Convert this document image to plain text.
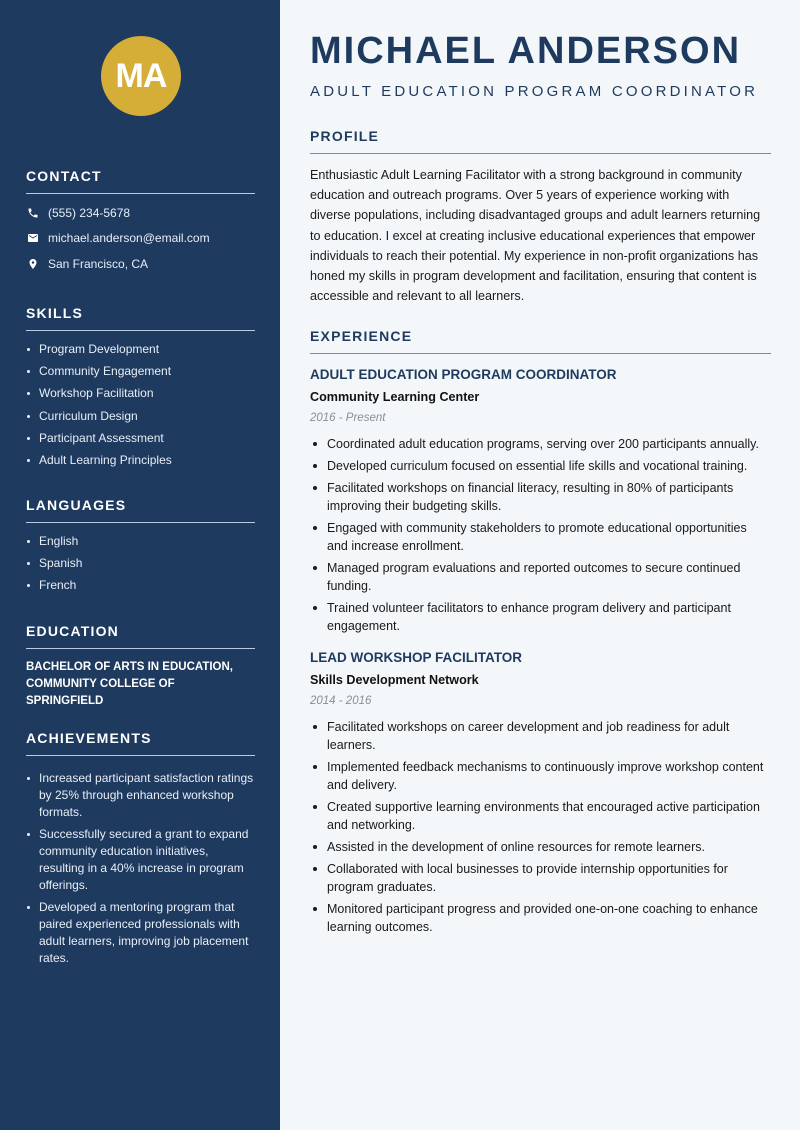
MA
CONTACT
(555) 234-5678
michael.anderson@email.com
San Francisco, CA
SKILLS
Program Development
Community Engagement
Workshop Facilitation
Curriculum Design
Participant Assessment
Adult Learning Principles
LANGUAGES
English
Spanish
French
EDUCATION
BACHELOR OF ARTS IN EDUCATION, COMMUNITY COLLEGE OF SPRINGFIELD
ACHIEVEMENTS
Increased participant satisfaction ratings by 25% through enhanced workshop formats.
Successfully secured a grant to expand community education initiatives, resulting in a 40% increase in program offerings.
Developed a mentoring program that paired experienced professionals with adult learners, improving job placement rates.
MICHAEL ANDERSON
ADULT EDUCATION PROGRAM COORDINATOR
PROFILE

Enthusiastic Adult Learning Facilitator with a strong background in community education and outreach programs. Over 5 years of experience working with diverse populations, including disadvantaged groups and adult learners returning to education. I excel at creating inclusive educational experiences that empower individuals to reach their potential. My experience in non-profit organizations has honed my skills in program development and facilitation, ensuring that content is accessible and relevant to all learners.

EXPERIENCE
ADULT EDUCATION PROGRAM COORDINATOR
Community Learning Center
2016 - Present
Coordinated adult education programs, serving over 200 participants annually.
Developed curriculum focused on essential life skills and vocational training.
Facilitated workshops on financial literacy, resulting in 80% of participants improving their budgeting skills.
Engaged with community stakeholders to promote educational opportunities and increase enrollment.
Managed program evaluations and reported outcomes to secure continued funding.
Trained volunteer facilitators to enhance program delivery and participant engagement.
LEAD WORKSHOP FACILITATOR
Skills Development Network
2014 - 2016
Facilitated workshops on career development and job readiness for adult learners.
Implemented feedback mechanisms to continuously improve workshop content and delivery.
Created supportive learning environments that encouraged active participation and networking.
Assisted in the development of online resources for remote learners.
Collaborated with local businesses to provide internship opportunities for program graduates.
Monitored participant progress and provided one-on-one coaching to enhance learning outcomes.
